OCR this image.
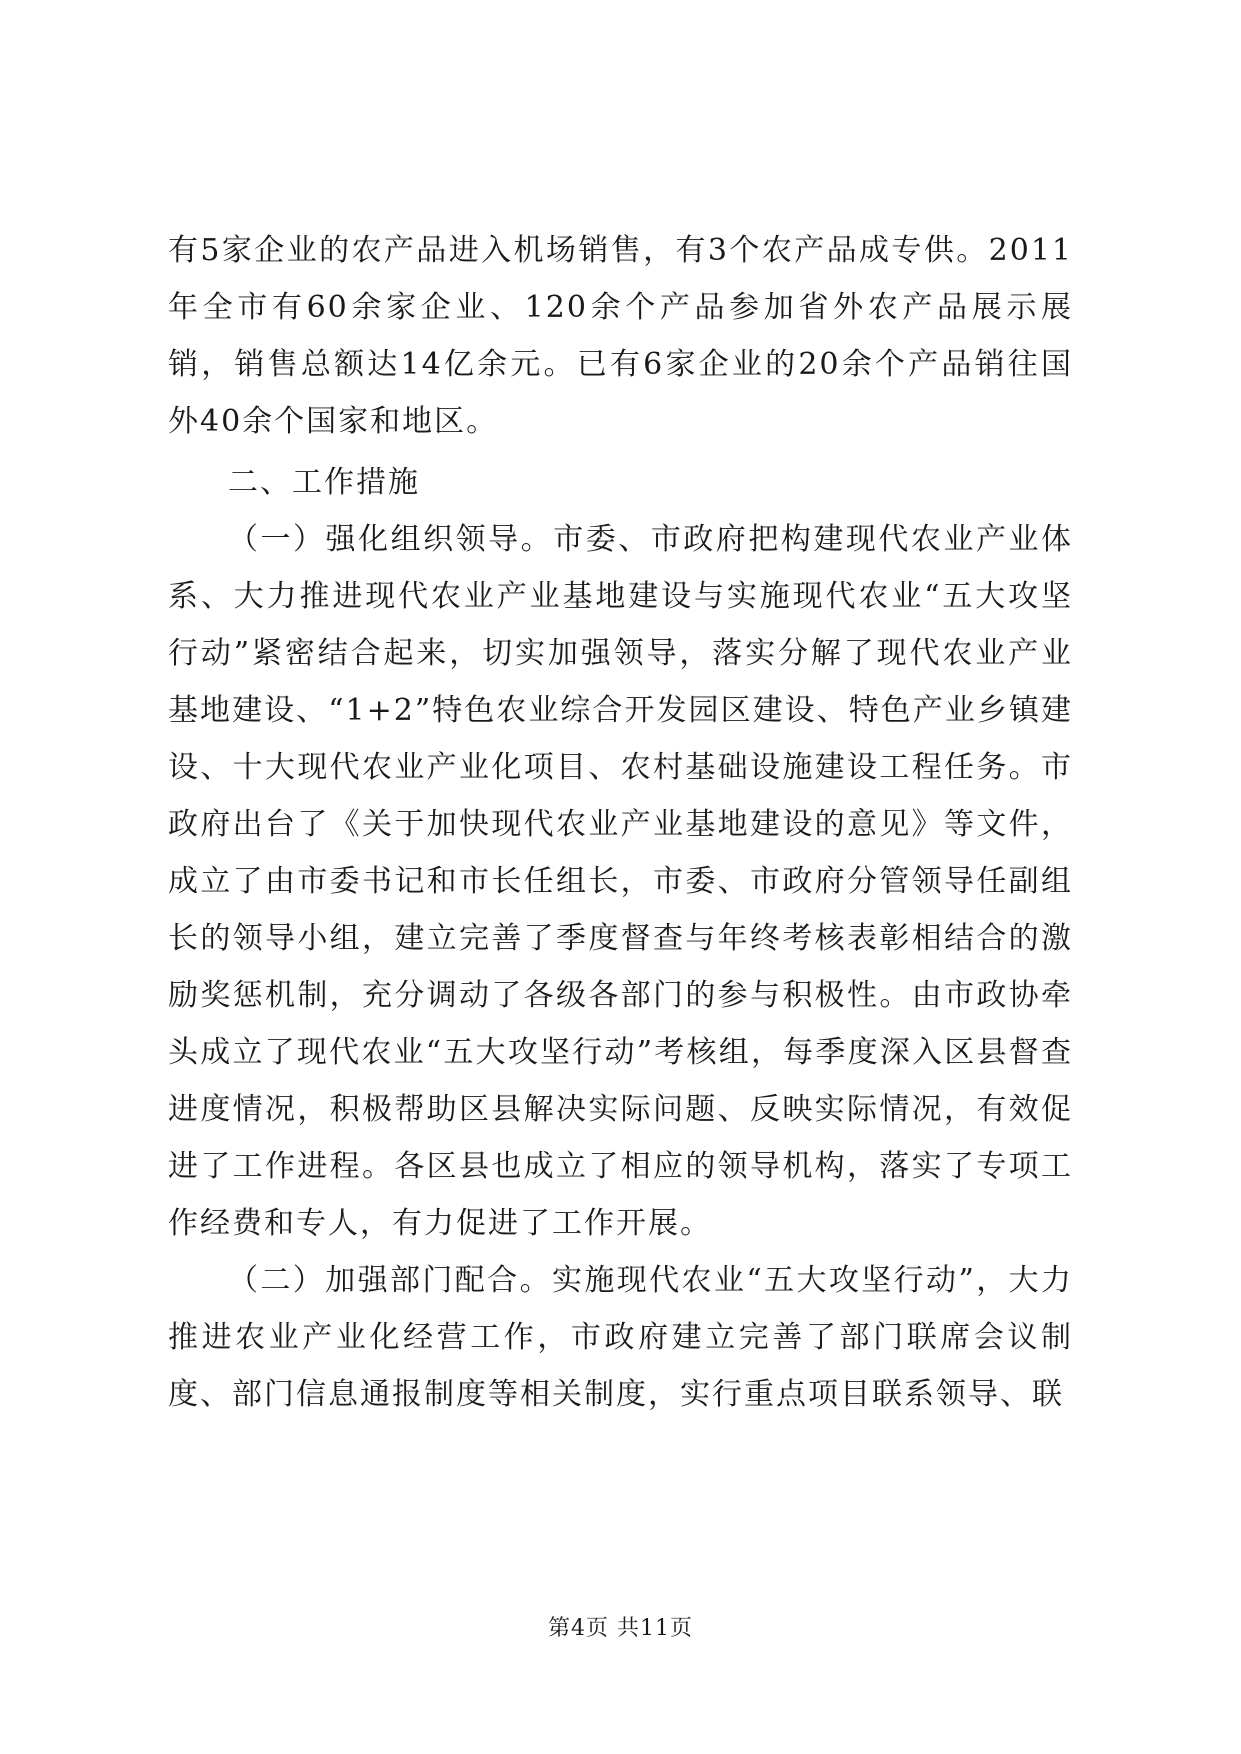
有5家企业的农产品进入机场销售，有3个农产品成专供。2011年全市有60余家企业、120余个产品参加省外农产品展示展销，销售总额达14亿余元。已有6家企业的20余个产品销往国外40余个国家和地区。

二、工作措施

（一）强化组织领导。市委、市政府把构建现代农业产业体系、大力推进现代农业产业基地建设与实施现代农业“五大攻坚行动”紧密结合起来，切实加强领导，落实分解了现代农业产业基地建设、“1+2”特色农业综合开发园区建设、特色产业乡镇建设、十大现代农业产业化项目、农村基础设施建设工程任务。市政府出台了《关于加快现代农业产业基地建设的意见》等文件，成立了由市委书记和市长任组长，市委、市政府分管领导任副组长的领导小组，建立完善了季度督查与年终考核表彰相结合的激励奖惩机制，充分调动了各级各部门的参与积极性。由市政协牵头成立了现代农业“五大攻坚行动”考核组，每季度深入区县督查进度情况，积极帮助区县解决实际问题、反映实际情况，有效促进了工作进程。各区县也成立了相应的领导机构，落实了专项工作经费和专人，有力促进了工作开展。

（二）加强部门配合。实施现代农业“五大攻坚行动”，大力推进农业产业化经营工作，市政府建立完善了部门联席会议制度、部门信息通报制度等相关制度，实行重点项目联系领导、联

第4页 共11页
